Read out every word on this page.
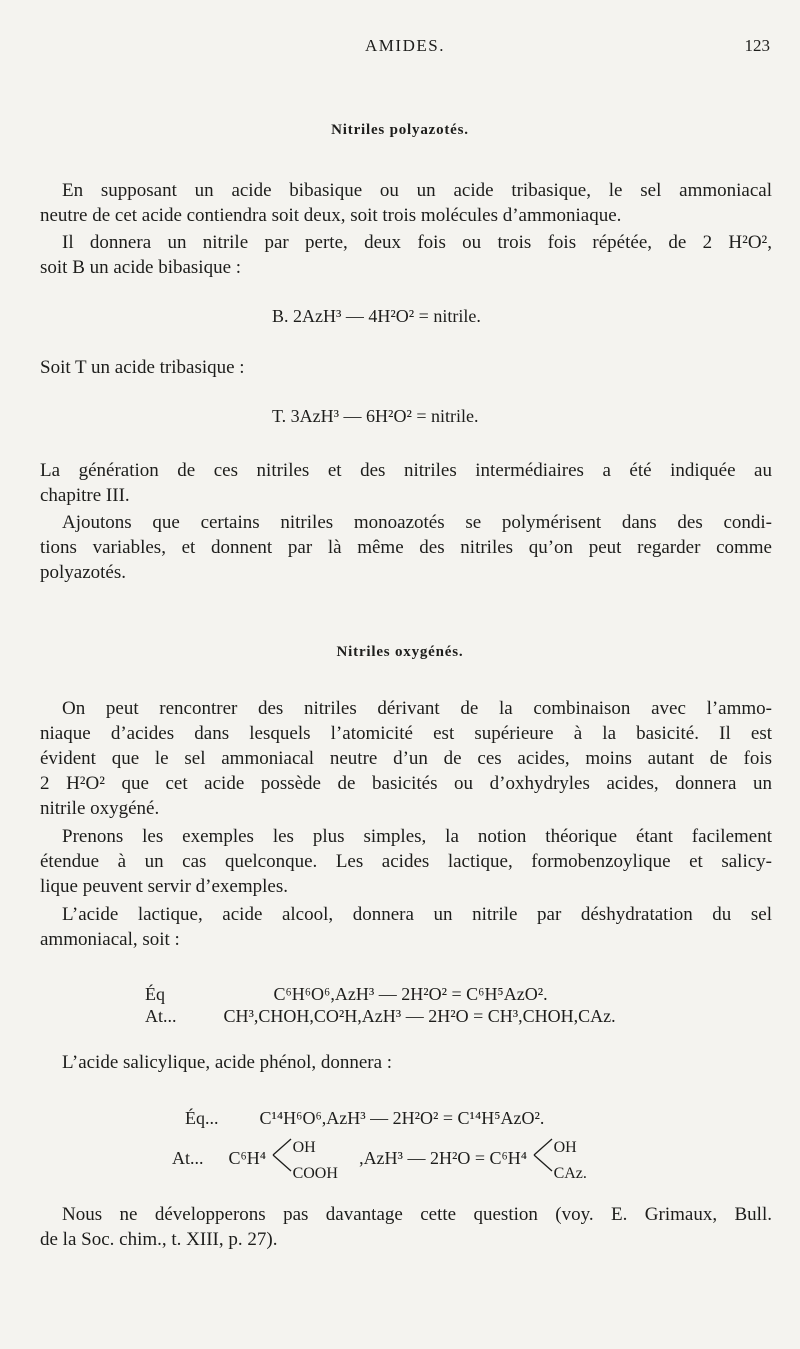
AMIDES.	123
Nitriles polyazotés.

En supposant un acide bibasique ou un acide tribasique, le sel ammoniacal
neutre de cet acide contiendra soit deux, soit trois molécules d’ammoniaque.

Il donnera un nitrile par perte, deux fois ou trois fois répétée, de 2 H²O²,
soit B un acide bibasique :

B. 2AzH³ — 4H²O² = nitrile.

Soit T un acide tribasique :

T. 3AzH³ — 6H²O² = nitrile.

La génération de ces nitriles et des nitriles intermédiaires a été indiquée au
chapitre III.

Ajoutons que certains nitriles monoazotés se polymérisent dans des condi-
tions variables, et donnent par là même des nitriles qu’on peut regarder comme
polyazotés.

Nitriles oxygénés.

On peut rencontrer des nitriles dérivant de la combinaison avec l’ammo-
niaque d’acides dans lesquels l’atomicité est supérieure à la basicité. Il est
évident que le sel ammoniacal neutre d’un de ces acides, moins autant de fois
2 H²O² que cet acide possède de basicités ou d’oxhydryles acides, donnera un
nitrile oxygéné.

Prenons les exemples les plus simples, la notion théorique étant facilement
étendue à un cas quelconque. Les acides lactique, formobenzoylique et salicy-
lique peuvent servir d’exemples.

L’acide lactique, acide alcool, donnera un nitrile par déshydratation du sel
ammoniacal, soit :

Éq	C⁶H⁶O⁶,AzH³ — 2H²O² = C⁶H⁵AzO².
At...	CH³,CHOH,CO²H,AzH³ — 2H²O = CH³,CHOH,CAz.

L’acide salicylique, acide phénol, donnera :

Éq... C¹⁴H⁶O⁶,AzH³ — 2H²O² = C¹⁴H⁵AzO².
At... C⁶H⁴
OH
COOH
,AzH³ — 2H²O = C⁶H⁴
OH
CAz.

Nous ne développerons pas davantage cette question (voy. E. Grimaux, Bull.
de la Soc. chim., t. XIII, p. 27).
